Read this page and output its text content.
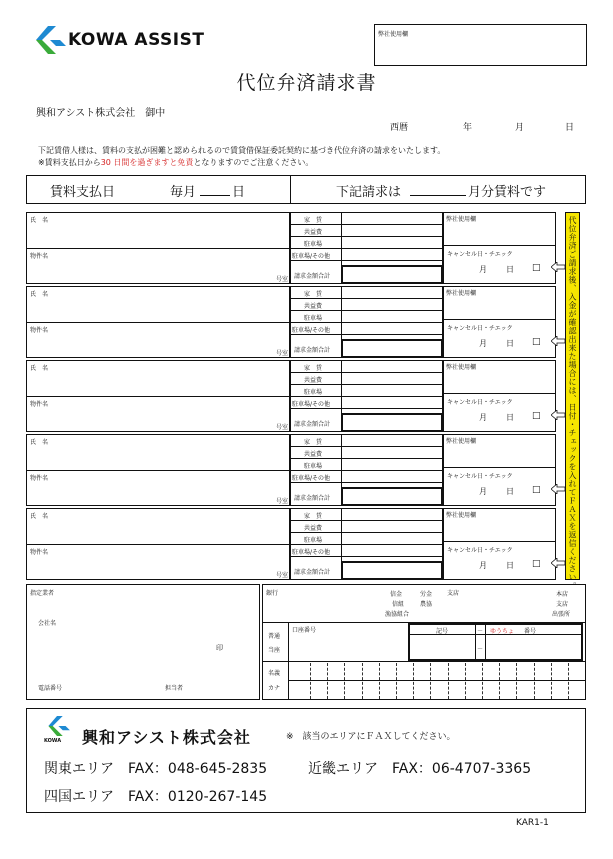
KOWA ASSIST	弊社使用欄
代位弁済請求書
興和アシスト株式会社　御中
西暦	年	月	日
下記賃借人様は、賃料の支払が困難と認められるので賃貸借保証委託契約に基づき代位弁済の請求をいたします。
※賃料支払日から30 日間を過ぎますと免責となりますのでご注意ください。
賃料支払日	毎月	日	下記請求は	月分賃料です
氏　名
物件名
号室
家　賃
共益費
駐車場
駐車場/その他
請求金額合計
弊社使用欄
キャンセル日・チエック
月 日 □
氏　名
物件名
号室
家　賃
共益費
駐車場
駐車場/その他
請求金額合計
弊社使用欄
キャンセル日・チエック
月 日 □
氏　名
物件名
号室
家　賃
共益費
駐車場
駐車場/その他
請求金額合計
弊社使用欄
キャンセル日・チエック
月 日 □
氏　名
物件名
号室
家　賃
共益費
駐車場
駐車場/その他
請求金額合計
弊社使用欄
キャンセル日・チエック
月 日 □
氏　名
物件名
号室
家　賃
共益費
駐車場
駐車場/その他
請求金額合計
弊社使用欄
キャンセル日・チエック
月 日 □	代位弁済ご請求後、入金が確認出来た場合には、日付・チェックを入れてＦＡＸを返信ください。
指定業者
会社名
印
電話番号	担当者
銀行	信金
信組
労金
農協
漁協組合
支店	本店
支店
出張所
普通
当座
口座番号	記号	－ ゆうちょ 番号
－
名義
カナ
KOWA 興和アシスト株式会社	※　該当のエリアにＦＡＸしてください。
関東エリア　 FAX：048-645-2835	近畿エリア　 FAX：06-4707-3365
四国エリア　 FAX：0120-267-145
KAR1-1
